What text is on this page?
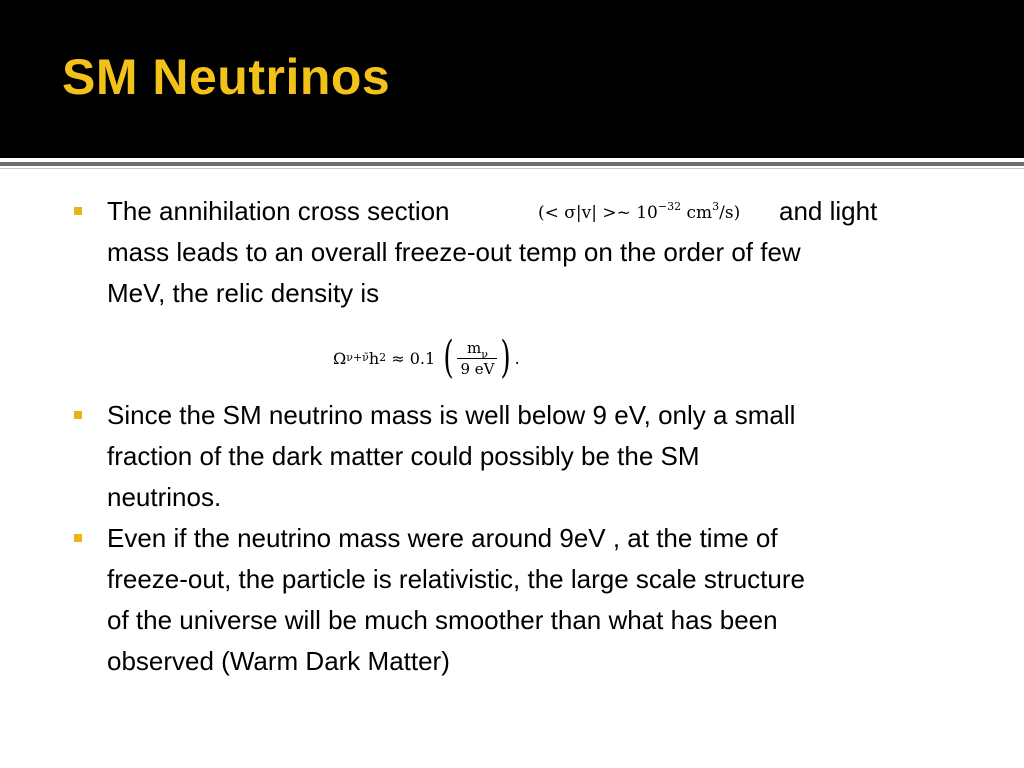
SM Neutrinos
The annihilation cross section	(< σ|v| >~ $10^{-32}$ $cm^3/s$) and light
mass leads to an overall freeze-out temp on the order of few
MeV, the relic density is
Ω ν+ν̄ h 2 ≈ 0.1 ( $\frac{m_\nu}{9 eV}$ ) .
Since the SM neutrino mass is well below 9 eV, only a small
fraction of the dark matter could possibly be the SM
neutrinos.
Even if the neutrino mass were around 9eV , at the time of
freeze-out, the particle is relativistic, the large scale structure
of the universe will be much smoother than what has been
observed (Warm Dark Matter)
